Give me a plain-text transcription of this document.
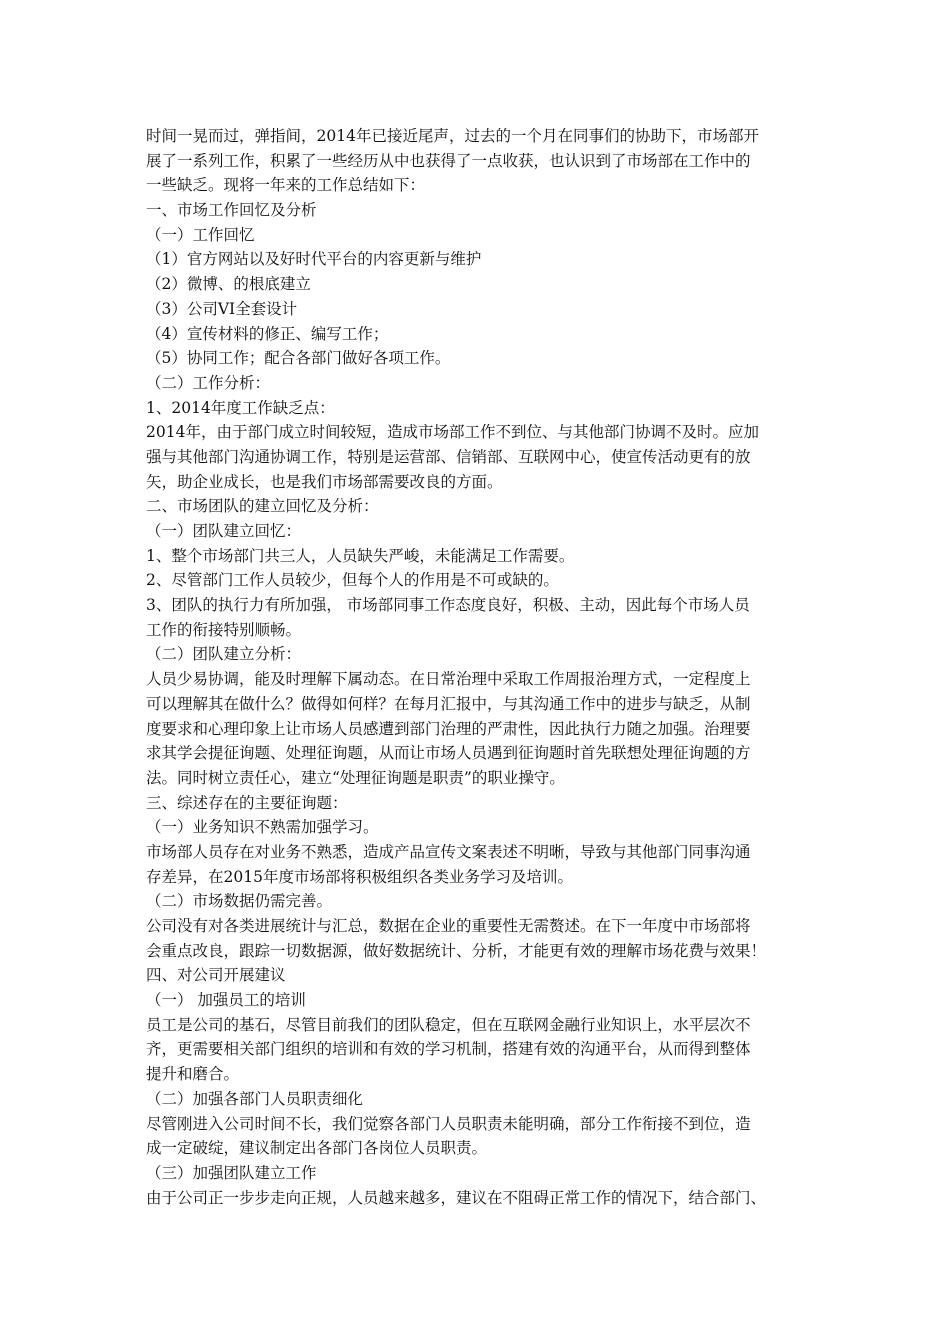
时间一晃而过，弹指间，2014年已接近尾声，过去的一个月在同事们的协助下，市场部开
展了一系列工作，积累了一些经历从中也获得了一点收获，也认识到了市场部在工作中的
一些缺乏。现将一年来的工作总结如下：
一、市场工作回忆及分析
（一）工作回忆
（1）官方网站以及好时代平台的内容更新与维护
（2）微博、的根底建立
（3）公司VI全套设计
（4）宣传材料的修正、编写工作；
（5）协同工作；配合各部门做好各项工作。
（二）工作分析：
1、2014年度工作缺乏点：
2014年，由于部门成立时间较短，造成市场部工作不到位、与其他部门协调不及时。应加
强与其他部门沟通协调工作，特别是运营部、信销部、互联网中心，使宣传活动更有的放
矢，助企业成长，也是我们市场部需要改良的方面。
二、市场团队的建立回忆及分析：
（一）团队建立回忆：
1、整个市场部门共三人，人员缺失严峻，未能满足工作需要。
2、尽管部门工作人员较少，但每个人的作用是不可或缺的。
3、团队的执行力有所加强， 市场部同事工作态度良好，积极、主动，因此每个市场人员
工作的衔接特别顺畅。
（二）团队建立分析：
人员少易协调，能及时理解下属动态。在日常治理中采取工作周报治理方式，一定程度上
可以理解其在做什么？做得如何样？在每月汇报中，与其沟通工作中的进步与缺乏，从制
度要求和心理印象上让市场人员感遭到部门治理的严肃性，因此执行力随之加强。治理要
求其学会提征询题、处理征询题，从而让市场人员遇到征询题时首先联想处理征询题的方
法。同时树立责任心，建立“处理征询题是职责”的职业操守。
三、综述存在的主要征询题：
（一）业务知识不熟需加强学习。
市场部人员存在对业务不熟悉，造成产品宣传文案表述不明晰，导致与其他部门同事沟通
存差异，在2015年度市场部将积极组织各类业务学习及培训。
（二）市场数据仍需完善。
公司没有对各类进展统计与汇总，数据在企业的重要性无需赘述。在下一年度中市场部将
会重点改良，跟踪一切数据源，做好数据统计、分析，才能更有效的理解市场花费与效果！
四、对公司开展建议
（一） 加强员工的培训
员工是公司的基石，尽管目前我们的团队稳定，但在互联网金融行业知识上，水平层次不
齐，更需要相关部门组织的培训和有效的学习机制，搭建有效的沟通平台，从而得到整体
提升和磨合。
（二）加强各部门人员职责细化
尽管刚进入公司时间不长，我们觉察各部门人员职责未能明确，部分工作衔接不到位，造
成一定破绽，建议制定出各部门各岗位人员职责。
（三）加强团队建立工作
由于公司正一步步走向正规，人员越来越多，建议在不阻碍正常工作的情况下，结合部门、
